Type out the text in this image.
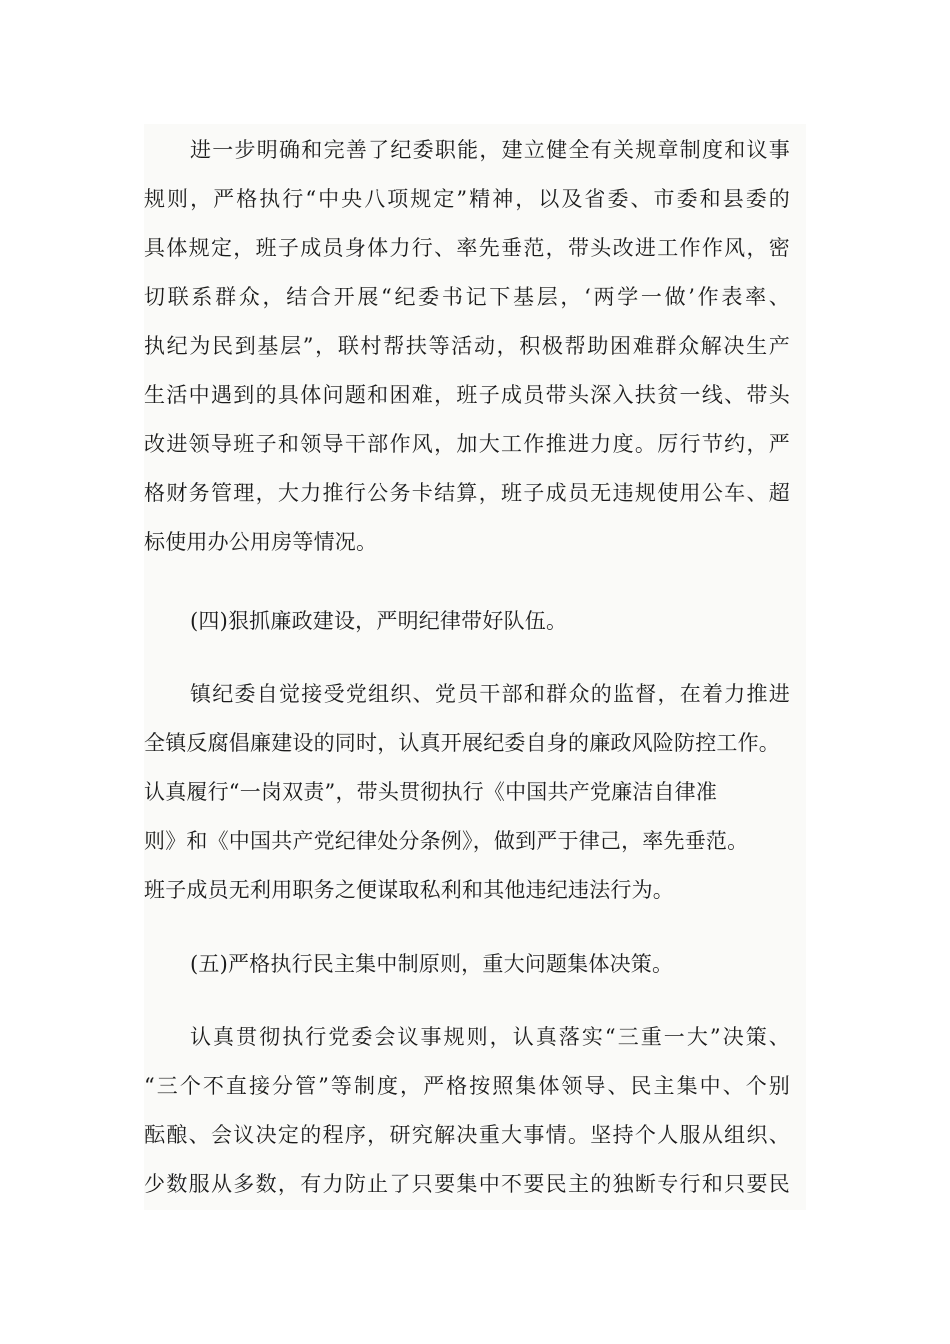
进一步明确和完善了纪委职能，建立健全有关规章制度和议事
规则，严格执行“中央八项规定”精神，以及省委、市委和县委的
具体规定，班子成员身体力行、率先垂范，带头改进工作作风，密
切联系群众，结合开展“纪委书记下基层，‘两学一做’作表率、
执纪为民到基层”，联村帮扶等活动，积极帮助困难群众解决生产
生活中遇到的具体问题和困难，班子成员带头深入扶贫一线、带头
改进领导班子和领导干部作风，加大工作推进力度。厉行节约，严
格财务管理，大力推行公务卡结算，班子成员无违规使用公车、超
标使用办公用房等情况。
(四)狠抓廉政建设，严明纪律带好队伍。
镇纪委自觉接受党组织、党员干部和群众的监督，在着力推进
全镇反腐倡廉建设的同时，认真开展纪委自身的廉政风险防控工作。
认真履行“一岗双责”，带头贯彻执行《中国共产党廉洁自律准
则》和《中国共产党纪律处分条例》，做到严于律己，率先垂范。
班子成员无利用职务之便谋取私利和其他违纪违法行为。
(五)严格执行民主集中制原则，重大问题集体决策。
认真贯彻执行党委会议事规则，认真落实“三重一大”决策、
“三个不直接分管”等制度，严格按照集体领导、民主集中、个别
酝酿、会议决定的程序，研究解决重大事情。坚持个人服从组织、
少数服从多数，有力防止了只要集中不要民主的独断专行和只要民
